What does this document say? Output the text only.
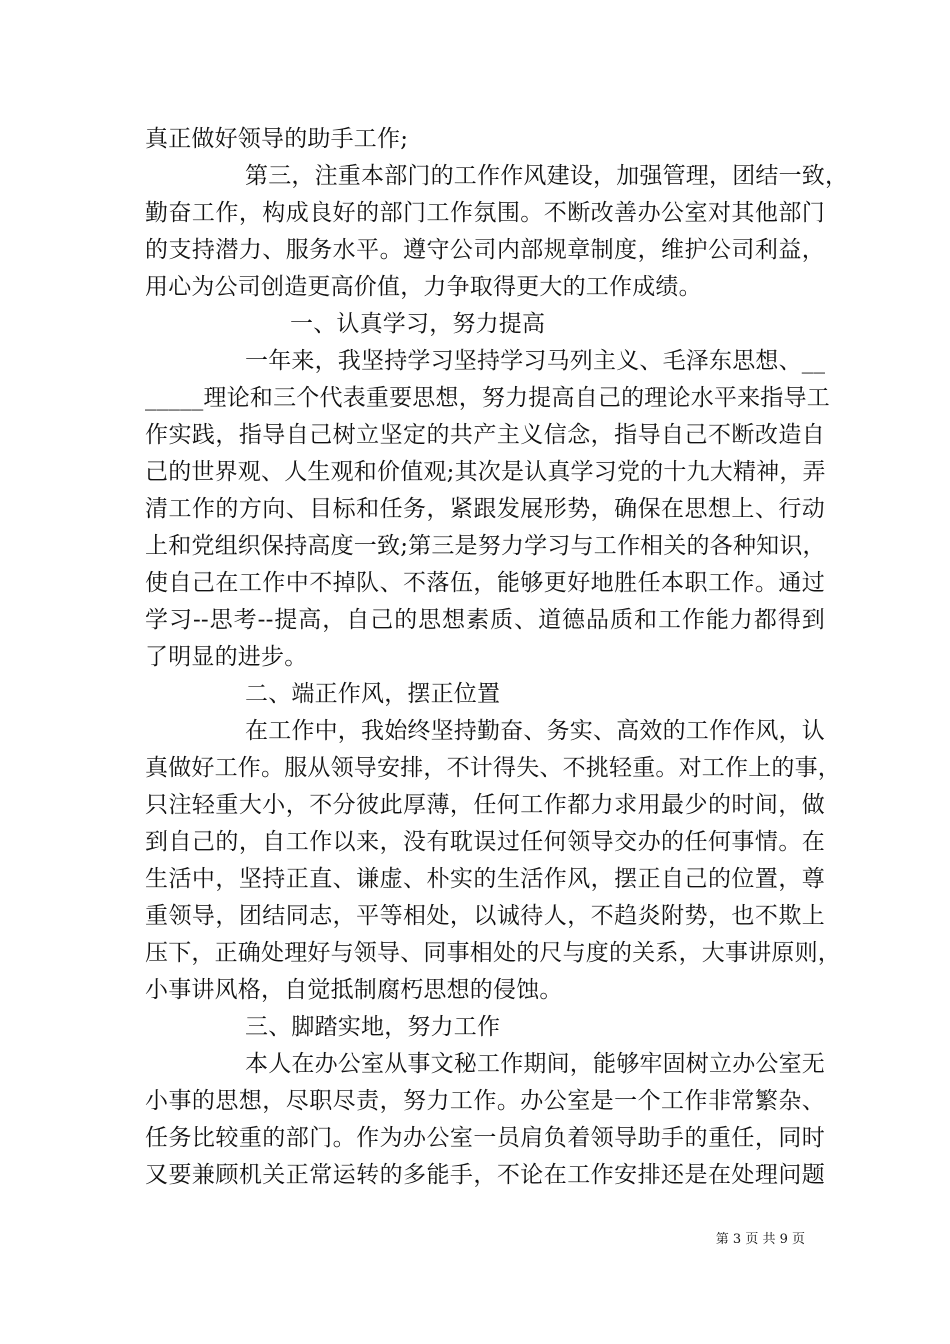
真正做好领导的助手工作;
第三，注重本部门的工作作风建设，加强管理，团结一致，
勤奋工作，构成良好的部门工作氛围。不断改善办公室对其他部门
的支持潜力、服务水平。遵守公司内部规章制度，维护公司利益，
用心为公司创造更高价值，力争取得更大的工作成绩。
一、认真学习，努力提高
一年来，我坚持学习坚持学习马列主义、毛泽东思想、__
_____理论和三个代表重要思想，努力提高自己的理论水平来指导工
作实践，指导自己树立坚定的共产主义信念，指导自己不断改造自
己的世界观、人生观和价值观;其次是认真学习党的十九大精神，弄
清工作的方向、目标和任务，紧跟发展形势，确保在思想上、行动
上和党组织保持高度一致;第三是努力学习与工作相关的各种知识，
使自己在工作中不掉队、不落伍，能够更好地胜任本职工作。通过
学习--思考--提高，自己的思想素质、道德品质和工作能力都得到
了明显的进步。
二、端正作风，摆正位置
在工作中，我始终坚持勤奋、务实、高效的工作作风，认
真做好工作。服从领导安排，不计得失、不挑轻重。对工作上的事，
只注轻重大小，不分彼此厚薄，任何工作都力求用最少的时间，做
到自己的，自工作以来，没有耽误过任何领导交办的任何事情。在
生活中，坚持正直、谦虚、朴实的生活作风，摆正自己的位置，尊
重领导，团结同志，平等相处，以诚待人，不趋炎附势，也不欺上
压下，正确处理好与领导、同事相处的尺与度的关系，大事讲原则，
小事讲风格，自觉抵制腐朽思想的侵蚀。
三、脚踏实地，努力工作
本人在办公室从事文秘工作期间，能够牢固树立办公室无
小事的思想，尽职尽责，努力工作。办公室是一个工作非常繁杂、
任务比较重的部门。作为办公室一员肩负着领导助手的重任，同时
又要兼顾机关正常运转的多能手，不论在工作安排还是在处理问题
第 3 页 共 9 页
